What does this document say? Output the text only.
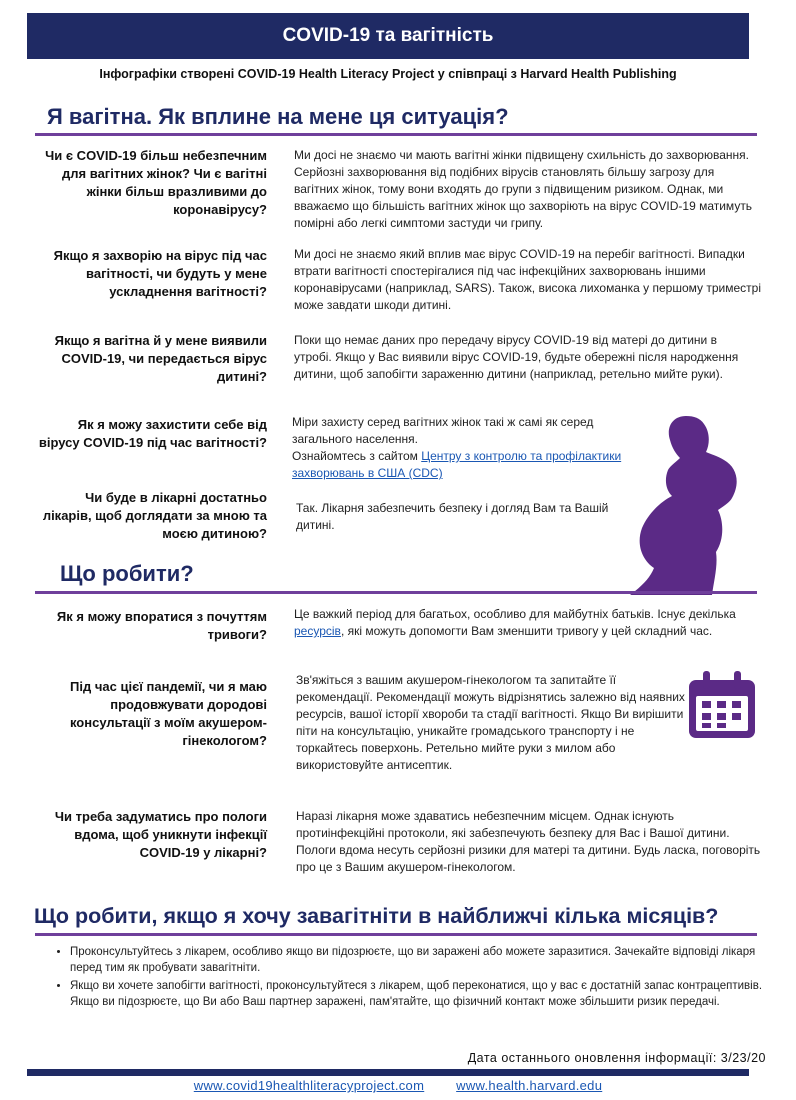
COVID-19 та вагітність
Інфографіки створені COVID-19 Health Literacy Project у співпраці з Harvard Health Publishing
Я вагітна. Як вплине на мене ця ситуація?
Чи є COVID-19 більш небезпечним для вагітних жінок? Чи є вагітні жінки більш вразливими до коронавірусу?
Ми досі не знаємо чи мають вагітні жінки підвищену схильність до захворювання. Серйозні захворювання від подібних вірусів становлять більшу загрозу для вагітних жінок, тому вони входять до групи з підвищеним ризиком. Однак, ми вважаємо що більшість вагітних жінок що захворіють на вірус COVID-19 матимуть помірні або легкі симптоми застуди чи грипу.
Якщо я захворію на вірус під час вагітності, чи будуть у мене ускладнення вагітності?
Ми досі не знаємо який вплив має вірус COVID-19 на перебіг вагітності. Випадки втрати вагітності спостерігалися під час інфекційних захворювань іншими коронавірусами (наприклад, SARS). Також, висока лихоманка у першому триместрі може завдати шкоди дитині.
Якщо я вагітна й у мене виявили COVID-19, чи передається вірус дитині?
Поки що немає даних про передачу вірусу COVID-19 від матері до дитини в утробі. Якщо у Вас виявили вірус COVID-19, будьте обережні після народження дитини, щоб запобігти зараженню дитини (наприклад, ретельно мийте руки).
Як я можу захистити себе від вірусу COVID-19 під час вагітності?
Міри захисту серед вагітних жінок такі ж самі як серед загального населення.
Ознайомтесь з сайтом Центру з контролю та профілактики захворювань в США (CDC)
Чи буде в лікарні достатньо лікарів, щоб доглядати за мною та моєю дитиною?
Так. Лікарня забезпечить безпеку і догляд Вам та Вашій дитині.
Що робити?
Як я можу впоратися з почуттям тривоги?
Це важкий період для багатьох, особливо для майбутніх батьків. Існує декілька ресурсів, які можуть допомогти Вам зменшити тривогу у цей складний час.
Під час цієї пандемії, чи я маю продовжувати дородові консультації з моїм акушером-гінекологом?
Зв'яжіться з вашим акушером-гінекологом та запитайте її рекомендації. Рекомендації можуть відрізнятись залежно від наявних ресурсів, вашої історії хвороби та стадії вагітності. Якщо Ви вирішити піти на консультацію, уникайте громадського транспорту і не торкайтесь поверхонь. Ретельно мийте руки з милом або використовуйте антисептик.
Чи треба задуматись про пологи вдома, щоб уникнути інфекції COVID-19 у лікарні?
Наразі лікарня може здаватись небезпечним місцем. Однак існують протиінфекційні протоколи, які забезпечують безпеку для Вас і Вашої дитини. Пологи вдома несуть серйозні ризики для матері та дитини. Будь ласка, поговоріть про це з Вашим акушером-гінекологом.
Що робити, якщо я хочу завагітніти в найближчі кілька місяців?
• Проконсультуйтесь з лікарем, особливо якщо ви підозрюєте, що ви заражені або можете заразитися. Зачекайте відповіді лікаря перед тим як пробувати завагітніти.
• Якщо ви хочете запобігти вагітності, проконсультуйтеся з лікарем, щоб переконатися, що у вас є достатній запас контрацептивів. Якщо ви підозрюєте, що Ви або Ваш партнер заражені, пам'ятайте, що фізичний контакт може збільшити ризик передачі.
Дата останнього оновлення інформації: 3/23/20
www.covid19healthliteracyproject.com www.health.harvard.edu
